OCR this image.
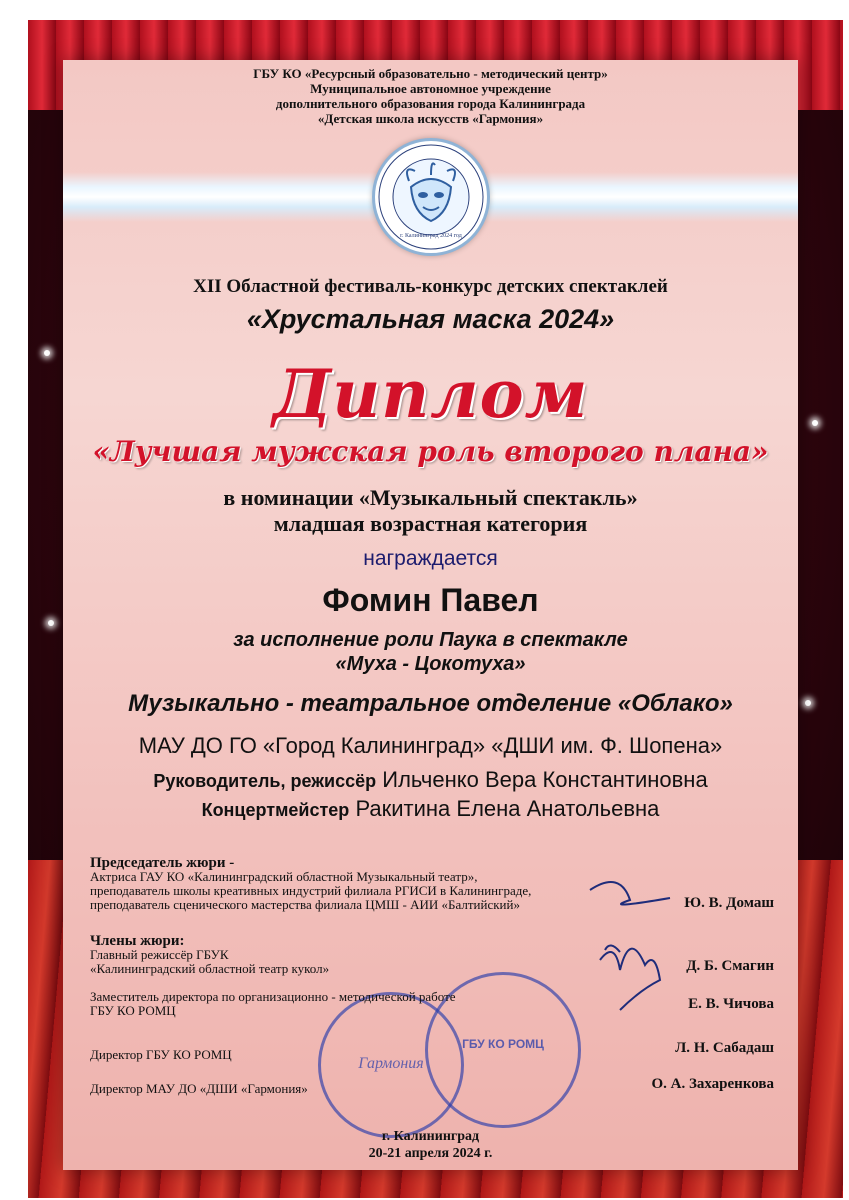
ГБУ КО «Ресурсный образовательно - методический центр»
Муниципальное автономное учреждение
дополнительного образования города Калининграда
«Детская школа искусств «Гармония»
г. Калининград 2024 год
XII Областной фестиваль-конкурс детских спектаклей
«Хрустальная маска 2024»
Диплом
«Лучшая мужская роль второго плана»
в номинации «Музыкальный спектакль»
младшая возрастная категория
награждается
Фомин Павел
за исполнение роли Паука в спектакле
«Муха - Цокотуха»
Музыкально - театральное отделение «Облако»
МАУ ДО ГО «Город Калининград» «ДШИ им. Ф. Шопена»
Руководитель, режиссёр Ильченко Вера Константиновна
Концертмейстер Ракитина Елена Анатольевна
Гармония
ГБУ КО РОМЦ
Председатель жюри -
Актриса ГАУ КО «Калининградский областной Музыкальный театр»,
преподаватель школы креативных индустрий филиала РГИСИ в Калининграде,
преподаватель сценического мастерства филиала ЦМШ - АИИ «Балтийский»	Ю. В. Домаш
Члены жюри:
Главный режиссёр ГБУК
«Калининградский областной театр кукол»	Д. Б. Смагин
Заместитель директора по организационно - методической работе
ГБУ КО РОМЦ	Е. В. Чичова
Директор ГБУ КО РОМЦ	Л. Н. Сабадаш
Директор МАУ ДО «ДШИ «Гармония»	О. А. Захаренкова
г. Калининград
20-21 апреля 2024 г.
